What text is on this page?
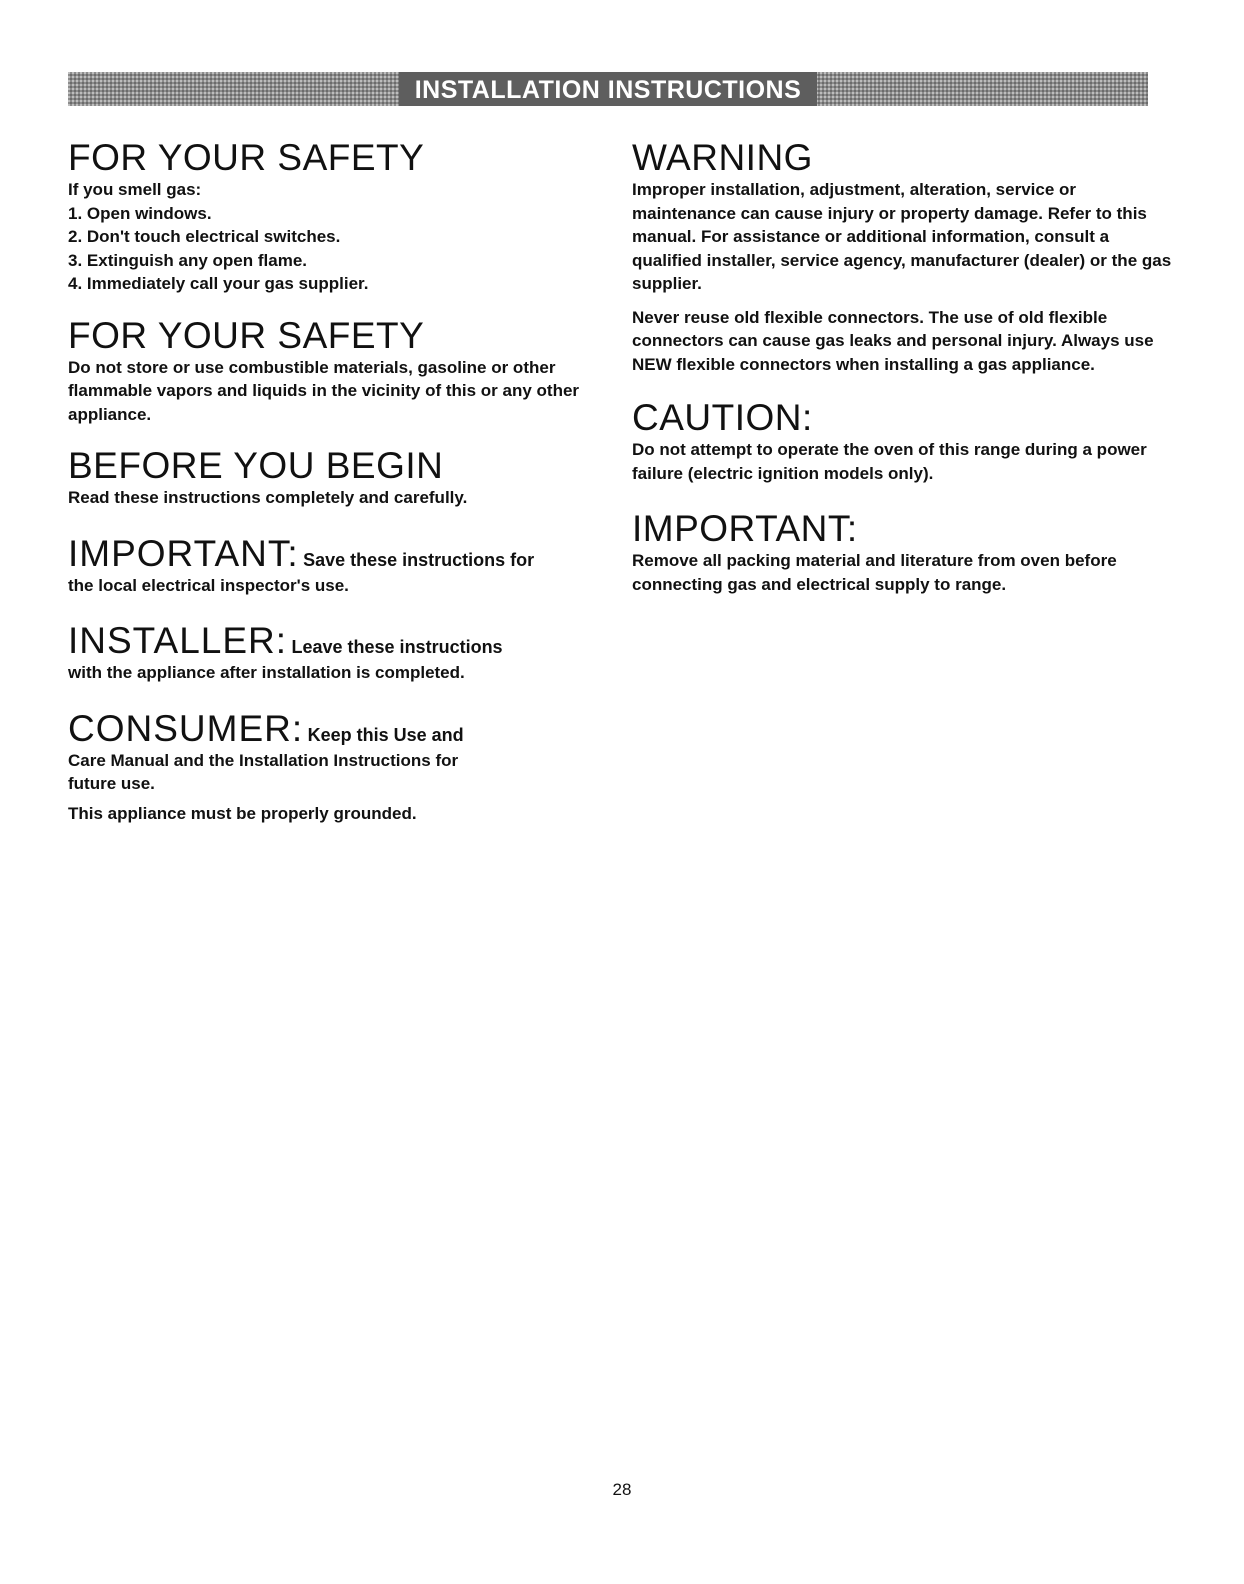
INSTALLATION INSTRUCTIONS
FOR YOUR SAFETY

If you smell gas:

1. Open windows.
2. Don't touch electrical switches.
3. Extinguish any open flame.
4. Immediately call your gas supplier.
FOR YOUR SAFETY

Do not store or use combustible materials, gasoline or other flammable vapors and liquids in the vicinity of this or any other appliance.

BEFORE YOU BEGIN

Read these instructions completely and carefully.

IMPORTANT: Save these instructions for

the local electrical inspector's use.

INSTALLER: Leave these instructions

with the appliance after installation is completed.

CONSUMER: Keep this Use and

Care Manual and the Installation Instructions for future use.

This appliance must be properly grounded.

WARNING

Improper installation, adjustment, alteration, service or maintenance can cause injury or property damage. Refer to this manual. For assistance or additional information, consult a qualified installer, service agency, manufacturer (dealer) or the gas supplier.

Never reuse old flexible connectors. The use of old flexible connectors can cause gas leaks and personal injury. Always use NEW flexible connectors when installing a gas appliance.

CAUTION:

Do not attempt to operate the oven of this range during a power failure (electric ignition models only).

IMPORTANT:

Remove all packing material and literature from oven before connecting gas and electrical supply to range.

28
